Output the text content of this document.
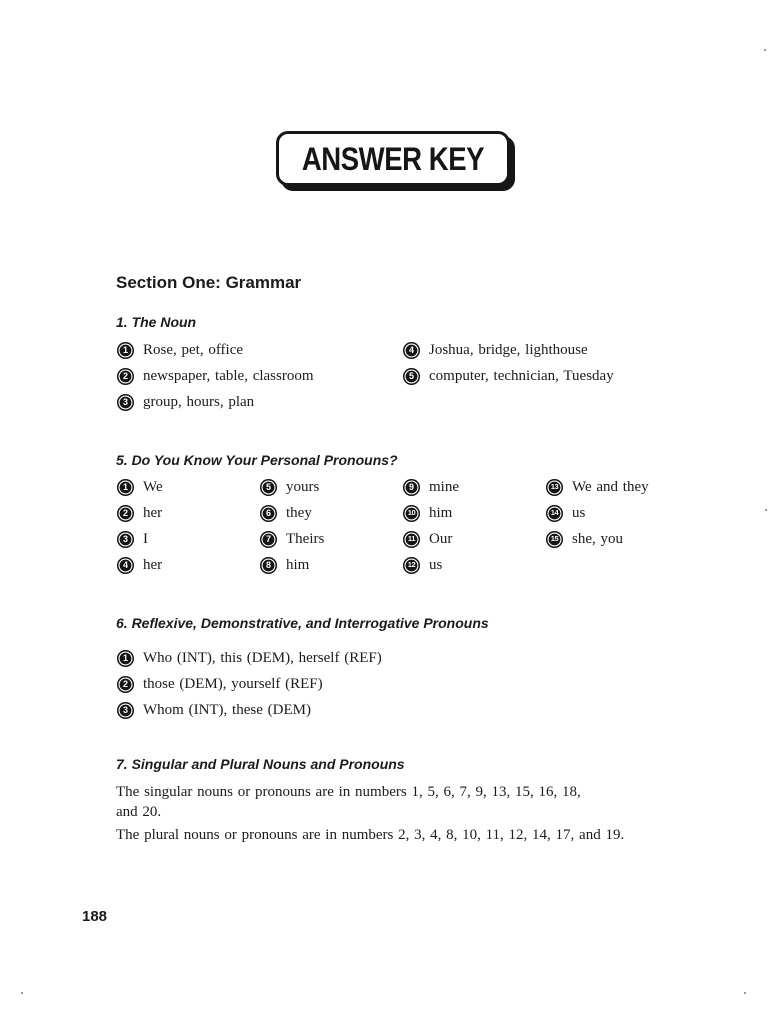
ANSWER KEY
Section One: Grammar
1. The Noun
1	Rose, pet, office
2	newspaper, table, classroom
3	group, hours, plan
4	Joshua, bridge, lighthouse
5	computer, technician, Tuesday
5. Do You Know Your Personal Pronouns?
1	We
2	her
3	I
4	her
5	yours
6	they
7	Theirs
8	him
9	mine
10 him
11 Our
12 us
13 We and they
14 us
15 she, you
6. Reflexive, Demonstrative, and Interrogative Pronouns
1	Who (INT), this (DEM), herself (REF)
2	those (DEM), yourself (REF)
3	Whom (INT), these (DEM)
7. Singular and Plural Nouns and Pronouns

The singular nouns or pronouns are in numbers 1, 5, 6, 7, 9, 13, 15, 16, 18,
and 20.

The plural nouns or pronouns are in numbers 2, 3, 4, 8, 10, 11, 12, 14, 17, and 19.

188
